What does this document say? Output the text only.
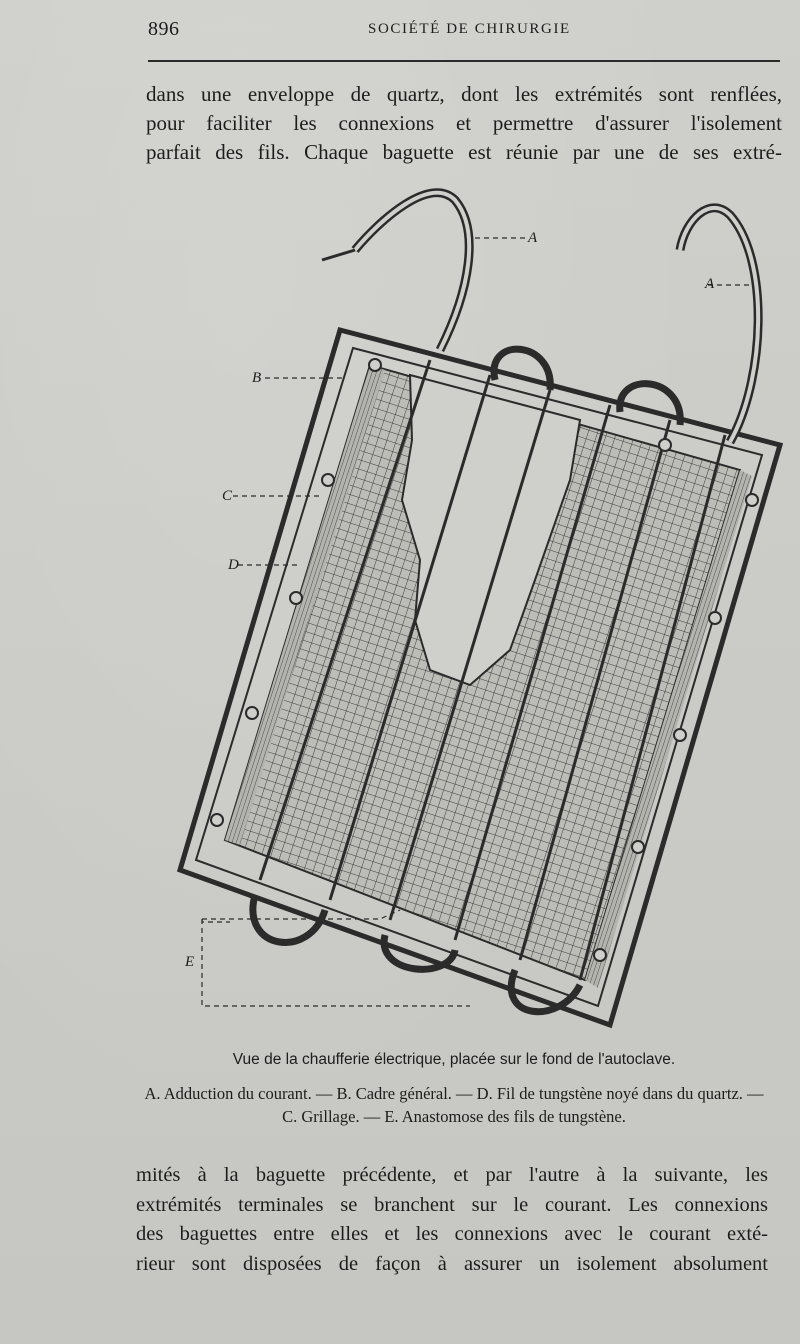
896	SOCIÉTÉ DE CHIRURGIE
dans une enveloppe de quartz, dont les extrémités sont renflées,
pour faciliter les connexions et permettre d'assurer l'isolement
parfait des fils. Chaque baguette est réunie par une de ses extré-
A
A
B
C
D
E
Vue de la chaufferie électrique, placée sur le fond de l'autoclave.
A. Adduction du courant. — B. Cadre général. — D. Fil de tungstène noyé dans du quartz. — C. Grillage. — E. Anastomose des fils de tungstène.
mités à la baguette précédente, et par l'autre à la suivante, les
extrémités terminales se branchent sur le courant. Les connexions
des baguettes entre elles et les connexions avec le courant exté-
rieur sont disposées de façon à assurer un isolement absolument
